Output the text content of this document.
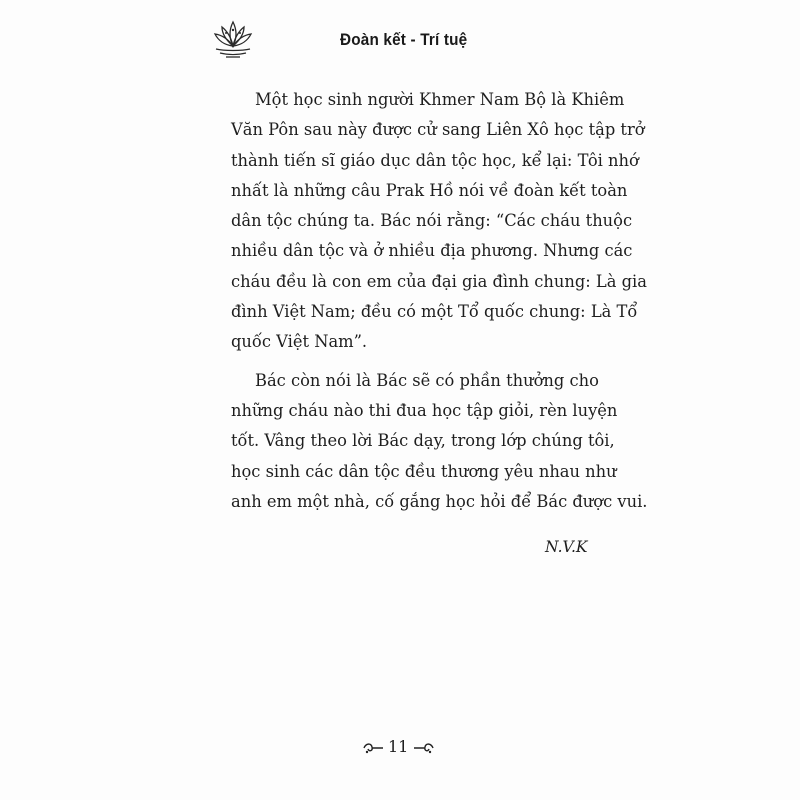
Đoàn kết - Trí tuệ
Một học sinh người Khmer Nam Bộ là Khiêm
Văn Pôn sau này được cử sang Liên Xô học tập trở
thành tiến sĩ giáo dục dân tộc học, kể lại: Tôi nhớ
nhất là những câu Prak Hồ nói về đoàn kết toàn
dân tộc chúng ta. Bác nói rằng: “Các cháu thuộc
nhiều dân tộc và ở nhiều địa phương. Nhưng các
cháu đều là con em của đại gia đình chung: Là gia
đình Việt Nam; đều có một Tổ quốc chung: Là Tổ
quốc Việt Nam”.
Bác còn nói là Bác sẽ có phần thưởng cho
những cháu nào thi đua học tập giỏi, rèn luyện
tốt. Vâng theo lời Bác dạy, trong lớp chúng tôi,
học sinh các dân tộc đều thương yêu nhau như
anh em một nhà, cố gắng học hỏi để Bác được vui.
N.V.K
11
